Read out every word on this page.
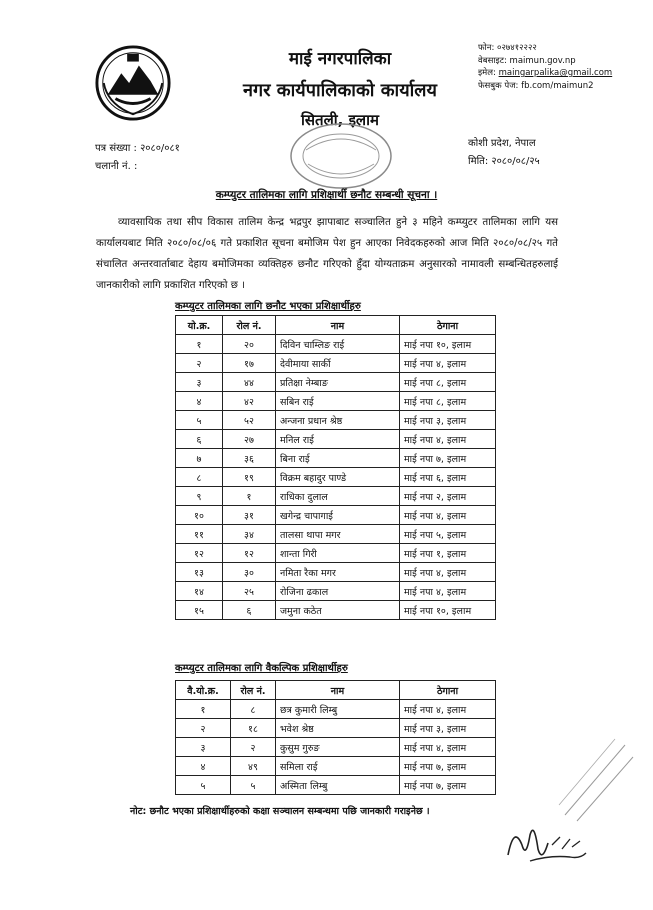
माई नगरपालिका
नगर कार्यपालिकाको कार्यालय
सितली, इलाम
फोन: ०२७४१२२२२
वेबसाइट: maimun.gov.np
इमेल: maingarpalika@gmail.com
फेसबुक पेज: fb.com/maimun2
पत्र संख्या : २०८०/०८१
चलानी नं. :
कोशी प्रदेश, नेपाल
मिति: २०८०/०८/२५
कम्प्युटर तालिमका लागि प्रशिक्षार्थी छनौट सम्बन्धी सूचना ।
व्यावसायिक तथा सीप विकास तालिम केन्द्र भद्रपुर झापाबाट सञ्चालित हुने ३ महिने कम्प्युटर तालिमका लागि यस कार्यालयबाट मिति २०८०/०८/०६ गते प्रकाशित सूचना बमोजिम पेश हुन आएका निवेदकहरुको आज मिति २०८०/०८/२५ गते संचालित अन्तरवार्ताबाट देहाय बमोजिमका व्यक्तिहरु छनौट गरिएको हुँदा योग्यताक्रम अनुसारको नामावली सम्बन्धितहरुलाई जानकारीको लागि प्रकाशित गरिएको छ ।
कम्प्युटर तालिमका लागि छनौट भएका प्रशिक्षार्थीहरु
यो.क्र.	रोल नं.	नाम	ठेगाना
१	२०	दिविन चाम्लिङ राई	माई नपा १०, इलाम
२	१७	देवीमाया सार्की	माई नपा ४, इलाम
३	४४	प्रतिक्षा नेम्बाङ	माई नपा ८, इलाम
४	४२	सबिन राई	माई नपा ८, इलाम
५	५२	अन्जना प्रधान श्रेष्ठ	माई नपा ३, इलाम
६	२७	मनिल राई	माई नपा ४, इलाम
७	३६	बिना राई	माई नपा ७, इलाम
८	१९	विक्रम बहादुर पाण्डे	माई नपा ६, इलाम
९	१	राधिका दुलाल	माई नपा २, इलाम
१०	३१	खगेन्द्र चापागाई	माई नपा ४, इलाम
११	३४	तालसा थापा मगर	माई नपा ५, इलाम
१२	१२	शान्ता गिरी	माई नपा १, इलाम
१३	३०	नमिता रैका मगर	माई नपा ४, इलाम
१४	२५	रोजिना ढकाल	माई नपा ४, इलाम
१५	६	जमुना कठेत	माई नपा १०, इलाम
कम्प्युटर तालिमका लागि वैकल्पिक प्रशिक्षार्थीहरु
वै.यो.क्र.	रोल नं.	नाम	ठेगाना
१	८	छत्र कुमारी लिम्बु	माई नपा ४, इलाम
२	१८	भवेश श्रेष्ठ	माई नपा ३, इलाम
३	२	कुसुम गुरुङ	माई नपा ४, इलाम
४	४९	समिला राई	माई नपा ७, इलाम
५	५	अस्मिता लिम्बु	माई नपा ७, इलाम
नोट: छनौट भएका प्रशिक्षार्थीहरुको कक्षा सञ्चालन सम्बन्धमा पछि जानकारी गराइनेछ ।
